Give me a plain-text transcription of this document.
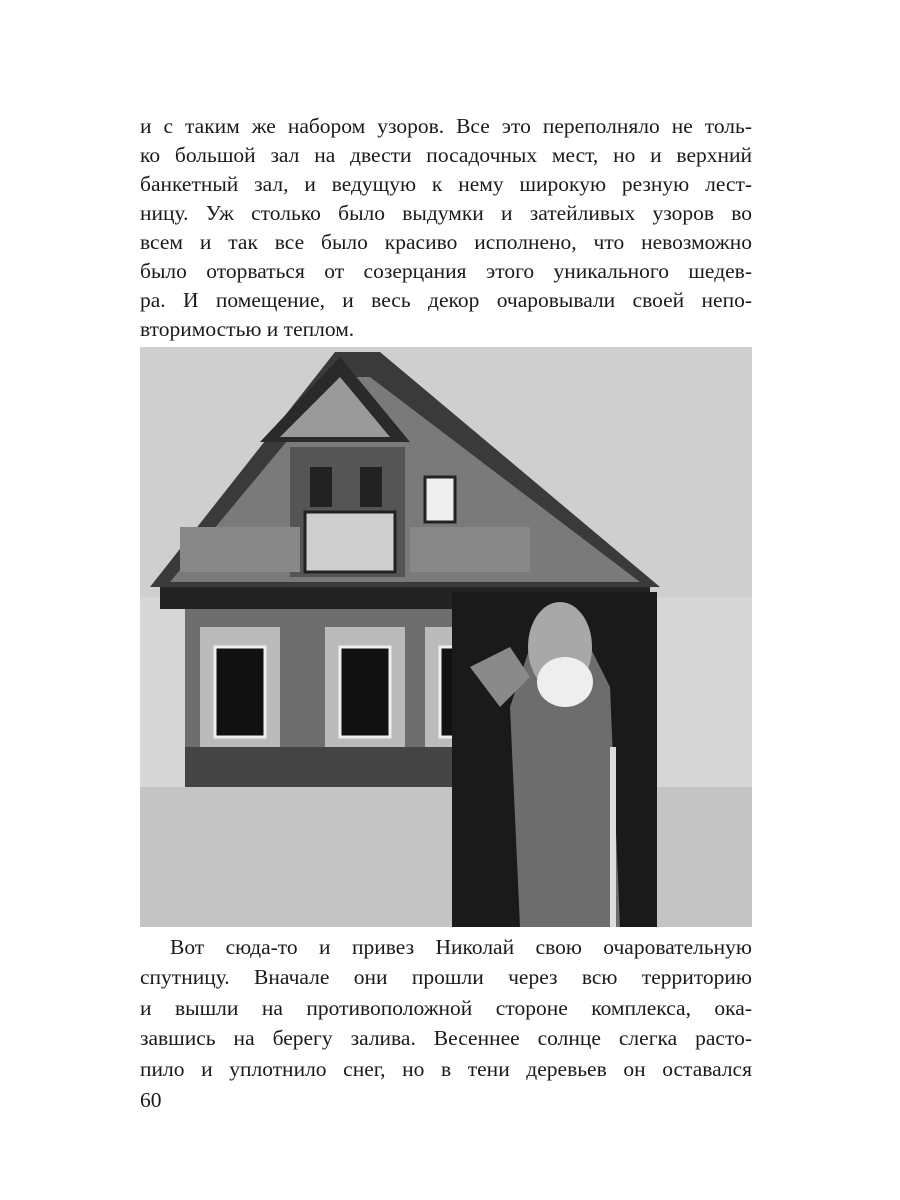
и с таким же набором узоров. Все это переполняло не толь-
ко большой зал на двести посадочных мест, но и верхний
банкетный зал, и ведущую к нему широкую резную лест-
ницу. Уж столько было выдумки и затейливых узоров во
всем и так все было красиво исполнено, что невозможно
было оторваться от созерцания этого уникального шедев-
ра. И помещение, и весь декор очаровывали своей непо-
вторимостью и теплом.
Вот сюда-то и привез Николай свою очаровательную
спутницу. Вначале они прошли через всю территорию
и вышли на противоположной стороне комплекса, ока-
завшись на берегу залива. Весеннее солнце слегка расто-
пило и уплотнило снег, но в тени деревьев он оставался
60
